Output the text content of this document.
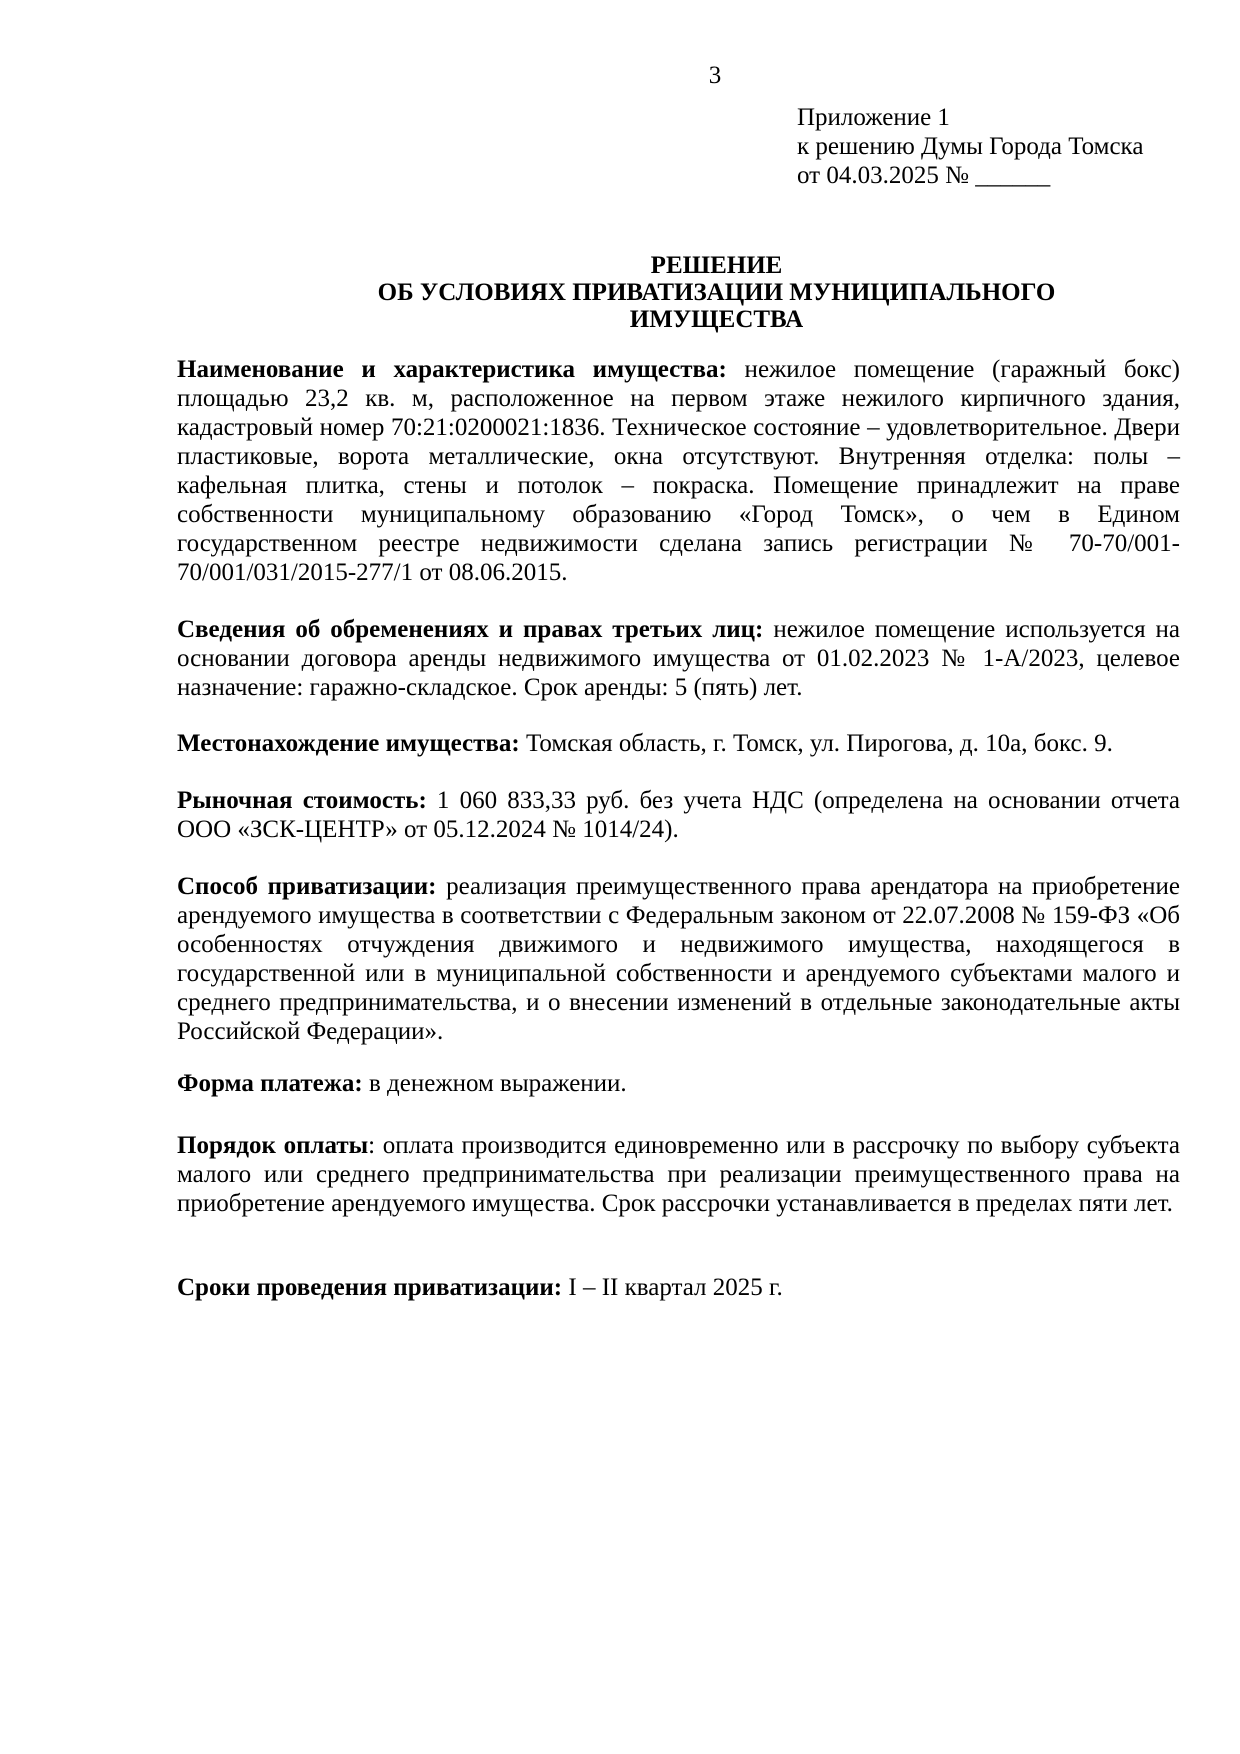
3
Приложение 1
к решению Думы Города Томска
от 04.03.2025 № ______
РЕШЕНИЕ
ОБ УСЛОВИЯХ ПРИВАТИЗАЦИИ МУНИЦИПАЛЬНОГО ИМУЩЕСТВА
Наименование и характеристика имущества: нежилое помещение (гаражный бокс) площадью 23,2 кв. м, расположенное на первом этаже нежилого кирпичного здания, кадастровый номер 70:21:0200021:1836. Техническое состояние – удовлетворительное. Двери пластиковые, ворота металлические, окна отсутствуют. Внутренняя отделка: полы – кафельная плитка, стены и потолок – покраска. Помещение принадлежит на праве собственности муниципальному образованию «Город Томск», о чем в Едином государственном реестре недвижимости сделана запись регистрации № 70-70/001-70/001/031/2015-277/1 от 08.06.2015.
Сведения об обременениях и правах третьих лиц: нежилое помещение используется на основании договора аренды недвижимого имущества от 01.02.2023 № 1-А/2023, целевое назначение: гаражно-складское. Срок аренды: 5 (пять) лет.
Местонахождение имущества: Томская область, г. Томск, ул. Пирогова, д. 10а, бокс. 9.
Рыночная стоимость: 1 060 833,33 руб. без учета НДС (определена на основании отчета ООО «ЗСК-ЦЕНТР» от 05.12.2024 № 1014/24).
Способ приватизации: реализация преимущественного права арендатора на приобретение арендуемого имущества в соответствии с Федеральным законом от 22.07.2008 № 159-ФЗ «Об особенностях отчуждения движимого и недвижимого имущества, находящегося в государственной или в муниципальной собственности и арендуемого субъектами малого и среднего предпринимательства, и о внесении изменений в отдельные законодательные акты Российской Федерации».
Форма платежа: в денежном выражении.
Порядок оплаты: оплата производится единовременно или в рассрочку по выбору субъекта малого или среднего предпринимательства при реализации преимущественного права на приобретение арендуемого имущества. Срок рассрочки устанавливается в пределах пяти лет.
Сроки проведения приватизации: I – II квартал 2025 г.
